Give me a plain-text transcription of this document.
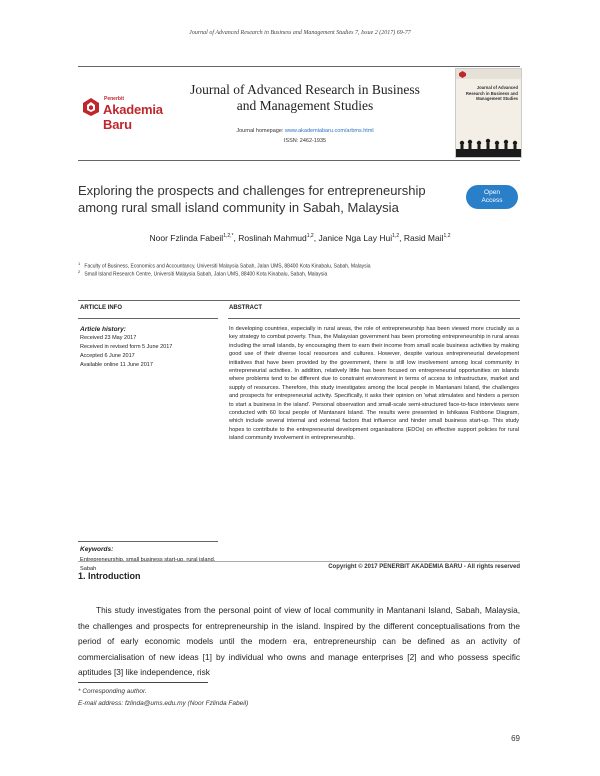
Journal of Advanced Research in Business and Management Studies 7, Issue 2 (2017) 69-77
Penerbit
Akademia Baru
Journal of Advanced Research in Business
and Management Studies
Journal homepage: www.akademiabaru.com/arbms.html
ISSN: 2462-1935
Journal of Advanced Research in Business and Management Studies
Exploring the prospects and challenges for entrepreneurship
among rural small island community in Sabah, Malaysia
Open
Access
Noor Fzlinda Fabeil$^{1,2,*}$, Roslinah Mahmud$^{1,2}$, Janice Nga Lay Hui$^{1,2}$, Rasid Mail$^{1,2}$
$^1$   Faculty of Business, Economics and Accountancy, Universiti Malaysia Sabah, Jalan UMS, 88400 Kota Kinabalu, Sabah, Malaysia
$^2$   Small Island Research Centre, Universiti Malaysia Sabah, Jalan UMS, 88400 Kota Kinabalu, Sabah, Malaysia
ARTICLE INFO	ABSTRACT
Article history:
Received 23 May 2017
Received in revised form 5 June 2017
Accepted 6 June 2017
Available online 11 June 2017
In developing countries, especially in rural areas, the role of entrepreneurship has been viewed more crucially as a key strategy to combat poverty. Thus, the Malaysian government has been promoting entrepreneurship in rural areas including the small islands, by encouraging them to earn their income from small scale business activities by making good use of their diverse local resources and cultures. However, despite various entrepreneurial development initiatives that have been provided by the government, there is still low involvement among local community in entrepreneurial activities. In addition, relatively little has been focused on entrepreneurial opportunities on islands where problems tend to be different due to constraint environment in terms of access to infrastructure, market and supply of resources. Therefore, this study investigates among the local people in Mantanani Island, the challenges and prospects for entrepreneurial activity. Specifically, it asks their opinion on 'what stimulates and hinders a person to start a business in the island'. Personal observation and small-scale semi-structured face-to-face interviews were conducted with 60 local people of Mantanani Island. The results were presented in Ishikawa Fishbone Diagram, which include several internal and external factors that influence and hinder small business start-up. This study hopes to contribute to the entrepreneurial development organisations (EDOs) on effective support policies for rural island community involvement in entrepreneurship.
Keywords:
Entrepreneurship, small business start-up, rural island, Sabah	Copyright © 2017 PENERBIT AKADEMIA BARU - All rights reserved
1. Introduction
This study investigates from the personal point of view of local community in Mantanani Island, Sabah, Malaysia, the challenges and prospects for entrepreneurship in the island. Inspired by the different conceptualisations from the period of early economic models until the modern era, entrepreneurship can be defined as an activity of commercialisation of new ideas [1] by individual who owns and manage enterprises [2] and who possess specific aptitudes [3] like independence, risk
* Corresponding author.
E-mail address: fzlinda@ums.edu.my (Noor Fzlinda Fabeil)
69
